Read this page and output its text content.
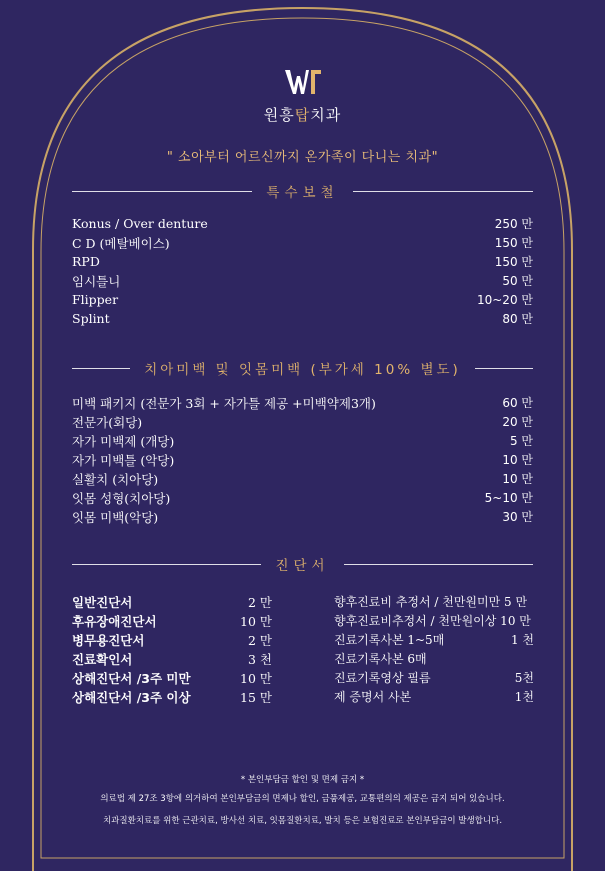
원흥탑치과
" 소아부터 어르신까지 온가족이 다니는 치과"
특수보철
Konus / Over denture	250 만
C D (메탈베이스)	150 만
RPD	150 만
임시틀니	50 만
Flipper	10~20 만
Splint	80 만
치아미백 및 잇몸미백 (부가세 10% 별도)
미백 패키지 (전문가 3회 + 자가틀 제공 +미백약제3개)	60 만
전문가(회당)	20 만
자가 미백제 (개당)	5 만
자가 미백틀 (악당)	10 만
실활치 (치아당)	10 만
잇몸 성형(치아당)	5~10 만
잇몸 미백(악당)	30 만
진단서
일반진단서	2 만
후유장애진단서	10 만
병무용진단서	2 만
진료확인서	3 천
상해진단서 /3주 미만	10 만
상해진단서 /3주 이상	15 만
향후진료비 추정서 / 천만원미만 5 만
향후진료비추정서 / 천만원이상 10 만
진료기록사본 1~5매	1 천
진료기록사본 6매
진료기록영상 필름	5천
제 증명서 사본	1천
* 본인부담금 할인 및 면제 금지 *
의료법 제 27조 3항에 의거하여 본인부담금의 면제나 할인, 금품제공, 교통편의의 제공은 금지 되어 있습니다.
치과질환치료를 위한 근관치료, 방사선 치료, 잇몸질환치료, 발치 등은 보험진료로 본인부담금이 발생합니다.
